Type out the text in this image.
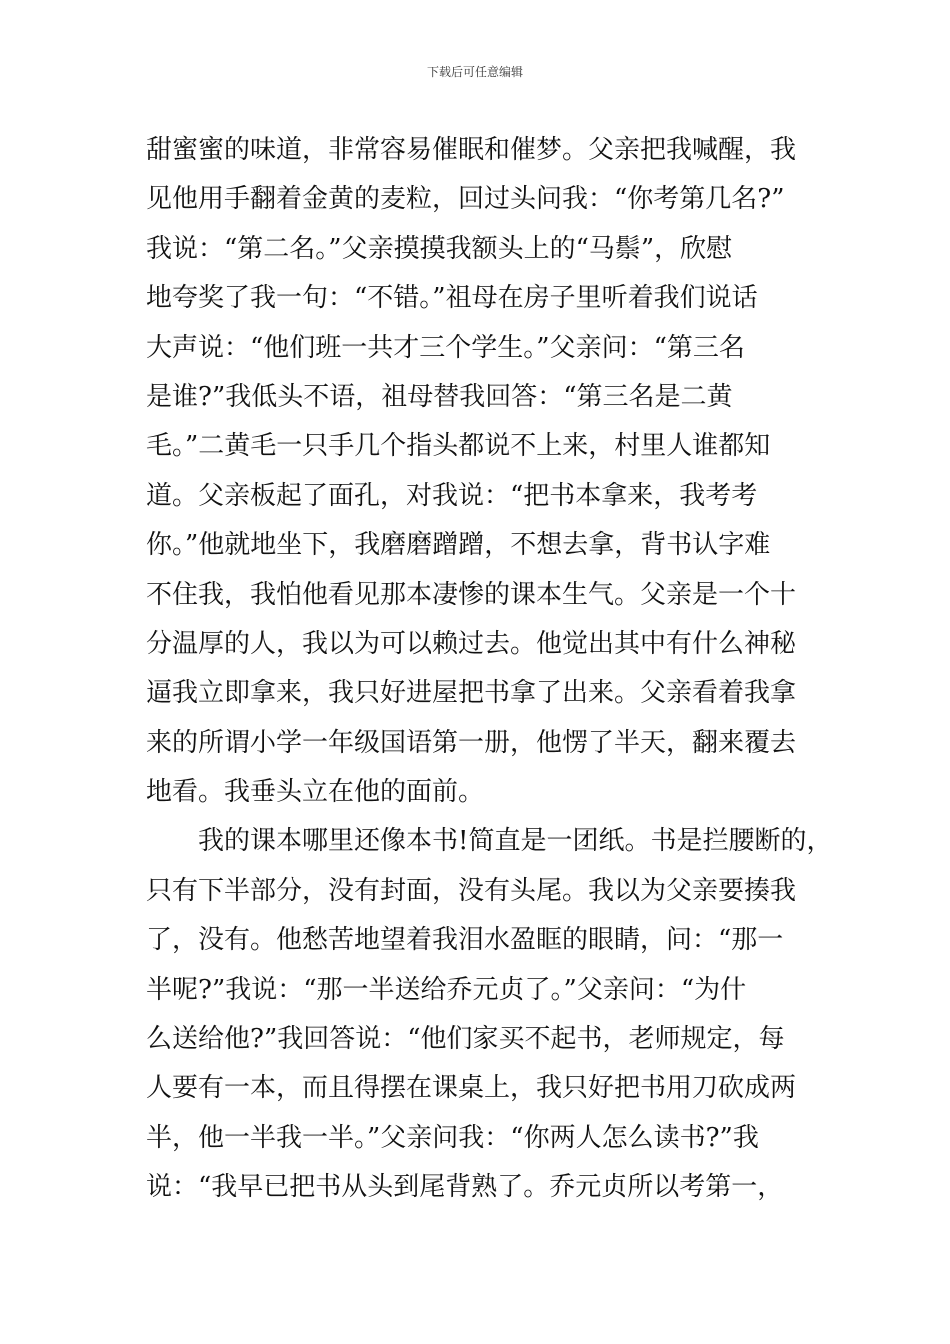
下载后可任意编辑
甜蜜蜜的味道，非常容易催眠和催梦。父亲把我喊醒，我
见他用手翻着金黄的麦粒，回过头问我：“你考第几名?”
我说：“第二名。”父亲摸摸我额头上的“马鬃”，欣慰
地夸奖了我一句：“不错。”祖母在房子里听着我们说话
大声说：“他们班一共才三个学生。”父亲问：“第三名
是谁?”我低头不语，祖母替我回答：“第三名是二黄
毛。”二黄毛一只手几个指头都说不上来，村里人谁都知
道。父亲板起了面孔，对我说：“把书本拿来，我考考
你。”他就地坐下，我磨磨蹭蹭，不想去拿，背书认字难
不住我，我怕他看见那本凄惨的课本生气。父亲是一个十
分温厚的人，我以为可以赖过去。他觉出其中有什么神秘
逼我立即拿来，我只好进屋把书拿了出来。父亲看着我拿
来的所谓小学一年级国语第一册，他愣了半天，翻来覆去
地看。我垂头立在他的面前。
　　我的课本哪里还像本书!简直是一团纸。书是拦腰断的，
只有下半部分，没有封面，没有头尾。我以为父亲要揍我
了，没有。他愁苦地望着我泪水盈眶的眼睛，问：“那一
半呢?”我说：“那一半送给乔元贞了。”父亲问：“为什
么送给他?”我回答说：“他们家买不起书，老师规定，每
人要有一本，而且得摆在课桌上，我只好把书用刀砍成两
半，他一半我一半。”父亲问我：“你两人怎么读书?”我
说：“我早已把书从头到尾背熟了。乔元贞所以考第一，
